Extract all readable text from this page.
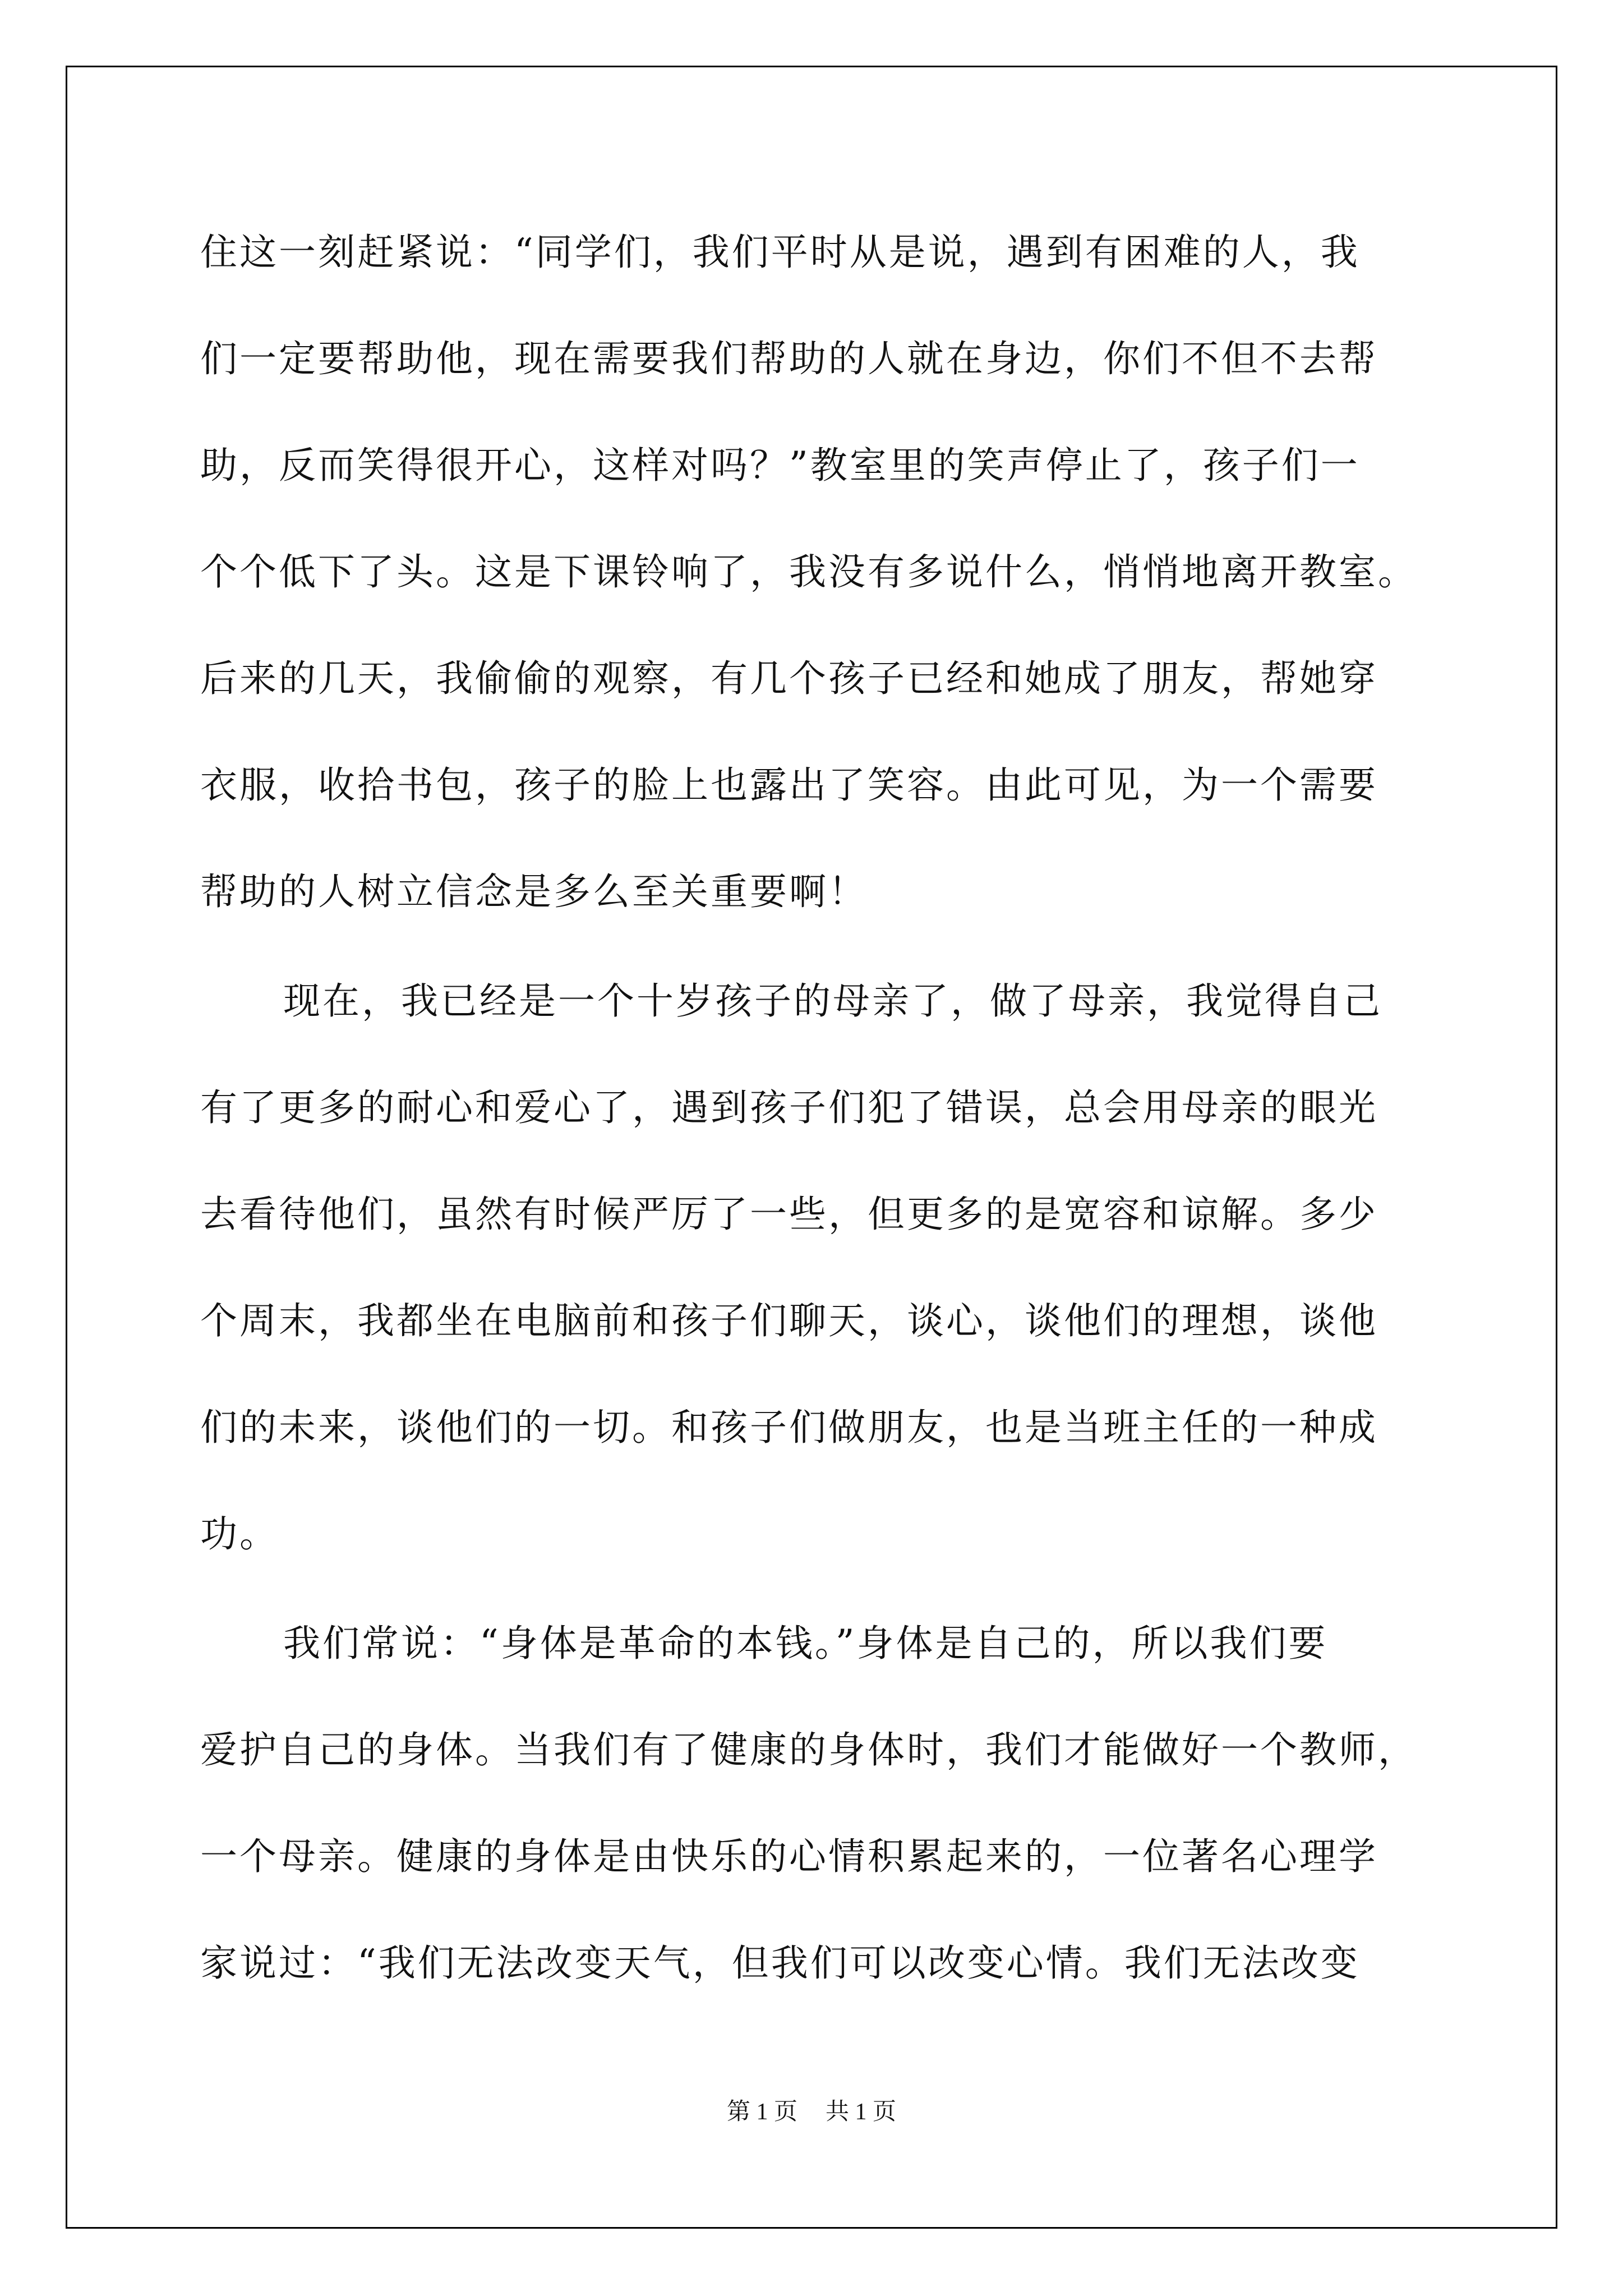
住这一刻赶紧说：“同学们，我们平时从是说，遇到有困难的人，我
们一定要帮助他，现在需要我们帮助的人就在身边，你们不但不去帮
助，反而笑得很开心，这样对吗？”教室里的笑声停止了，孩子们一
个个低下了头。这是下课铃响了，我没有多说什么，悄悄地离开教室。
后来的几天，我偷偷的观察，有几个孩子已经和她成了朋友，帮她穿
衣服，收拾书包，孩子的脸上也露出了笑容。由此可见，为一个需要
帮助的人树立信念是多么至关重要啊！
现在，我已经是一个十岁孩子的母亲了，做了母亲，我觉得自己
有了更多的耐心和爱心了，遇到孩子们犯了错误，总会用母亲的眼光
去看待他们，虽然有时候严厉了一些，但更多的是宽容和谅解。多少
个周末，我都坐在电脑前和孩子们聊天，谈心，谈他们的理想，谈他
们的未来，谈他们的一切。和孩子们做朋友，也是当班主任的一种成
功。
我们常说：“身体是革命的本钱。”身体是自己的，所以我们要
爱护自己的身体。当我们有了健康的身体时，我们才能做好一个教师，
一个母亲。健康的身体是由快乐的心情积累起来的，一位著名心理学
家说过：“我们无法改变天气，但我们可以改变心情。我们无法改变
第 1 页 共 1 页
